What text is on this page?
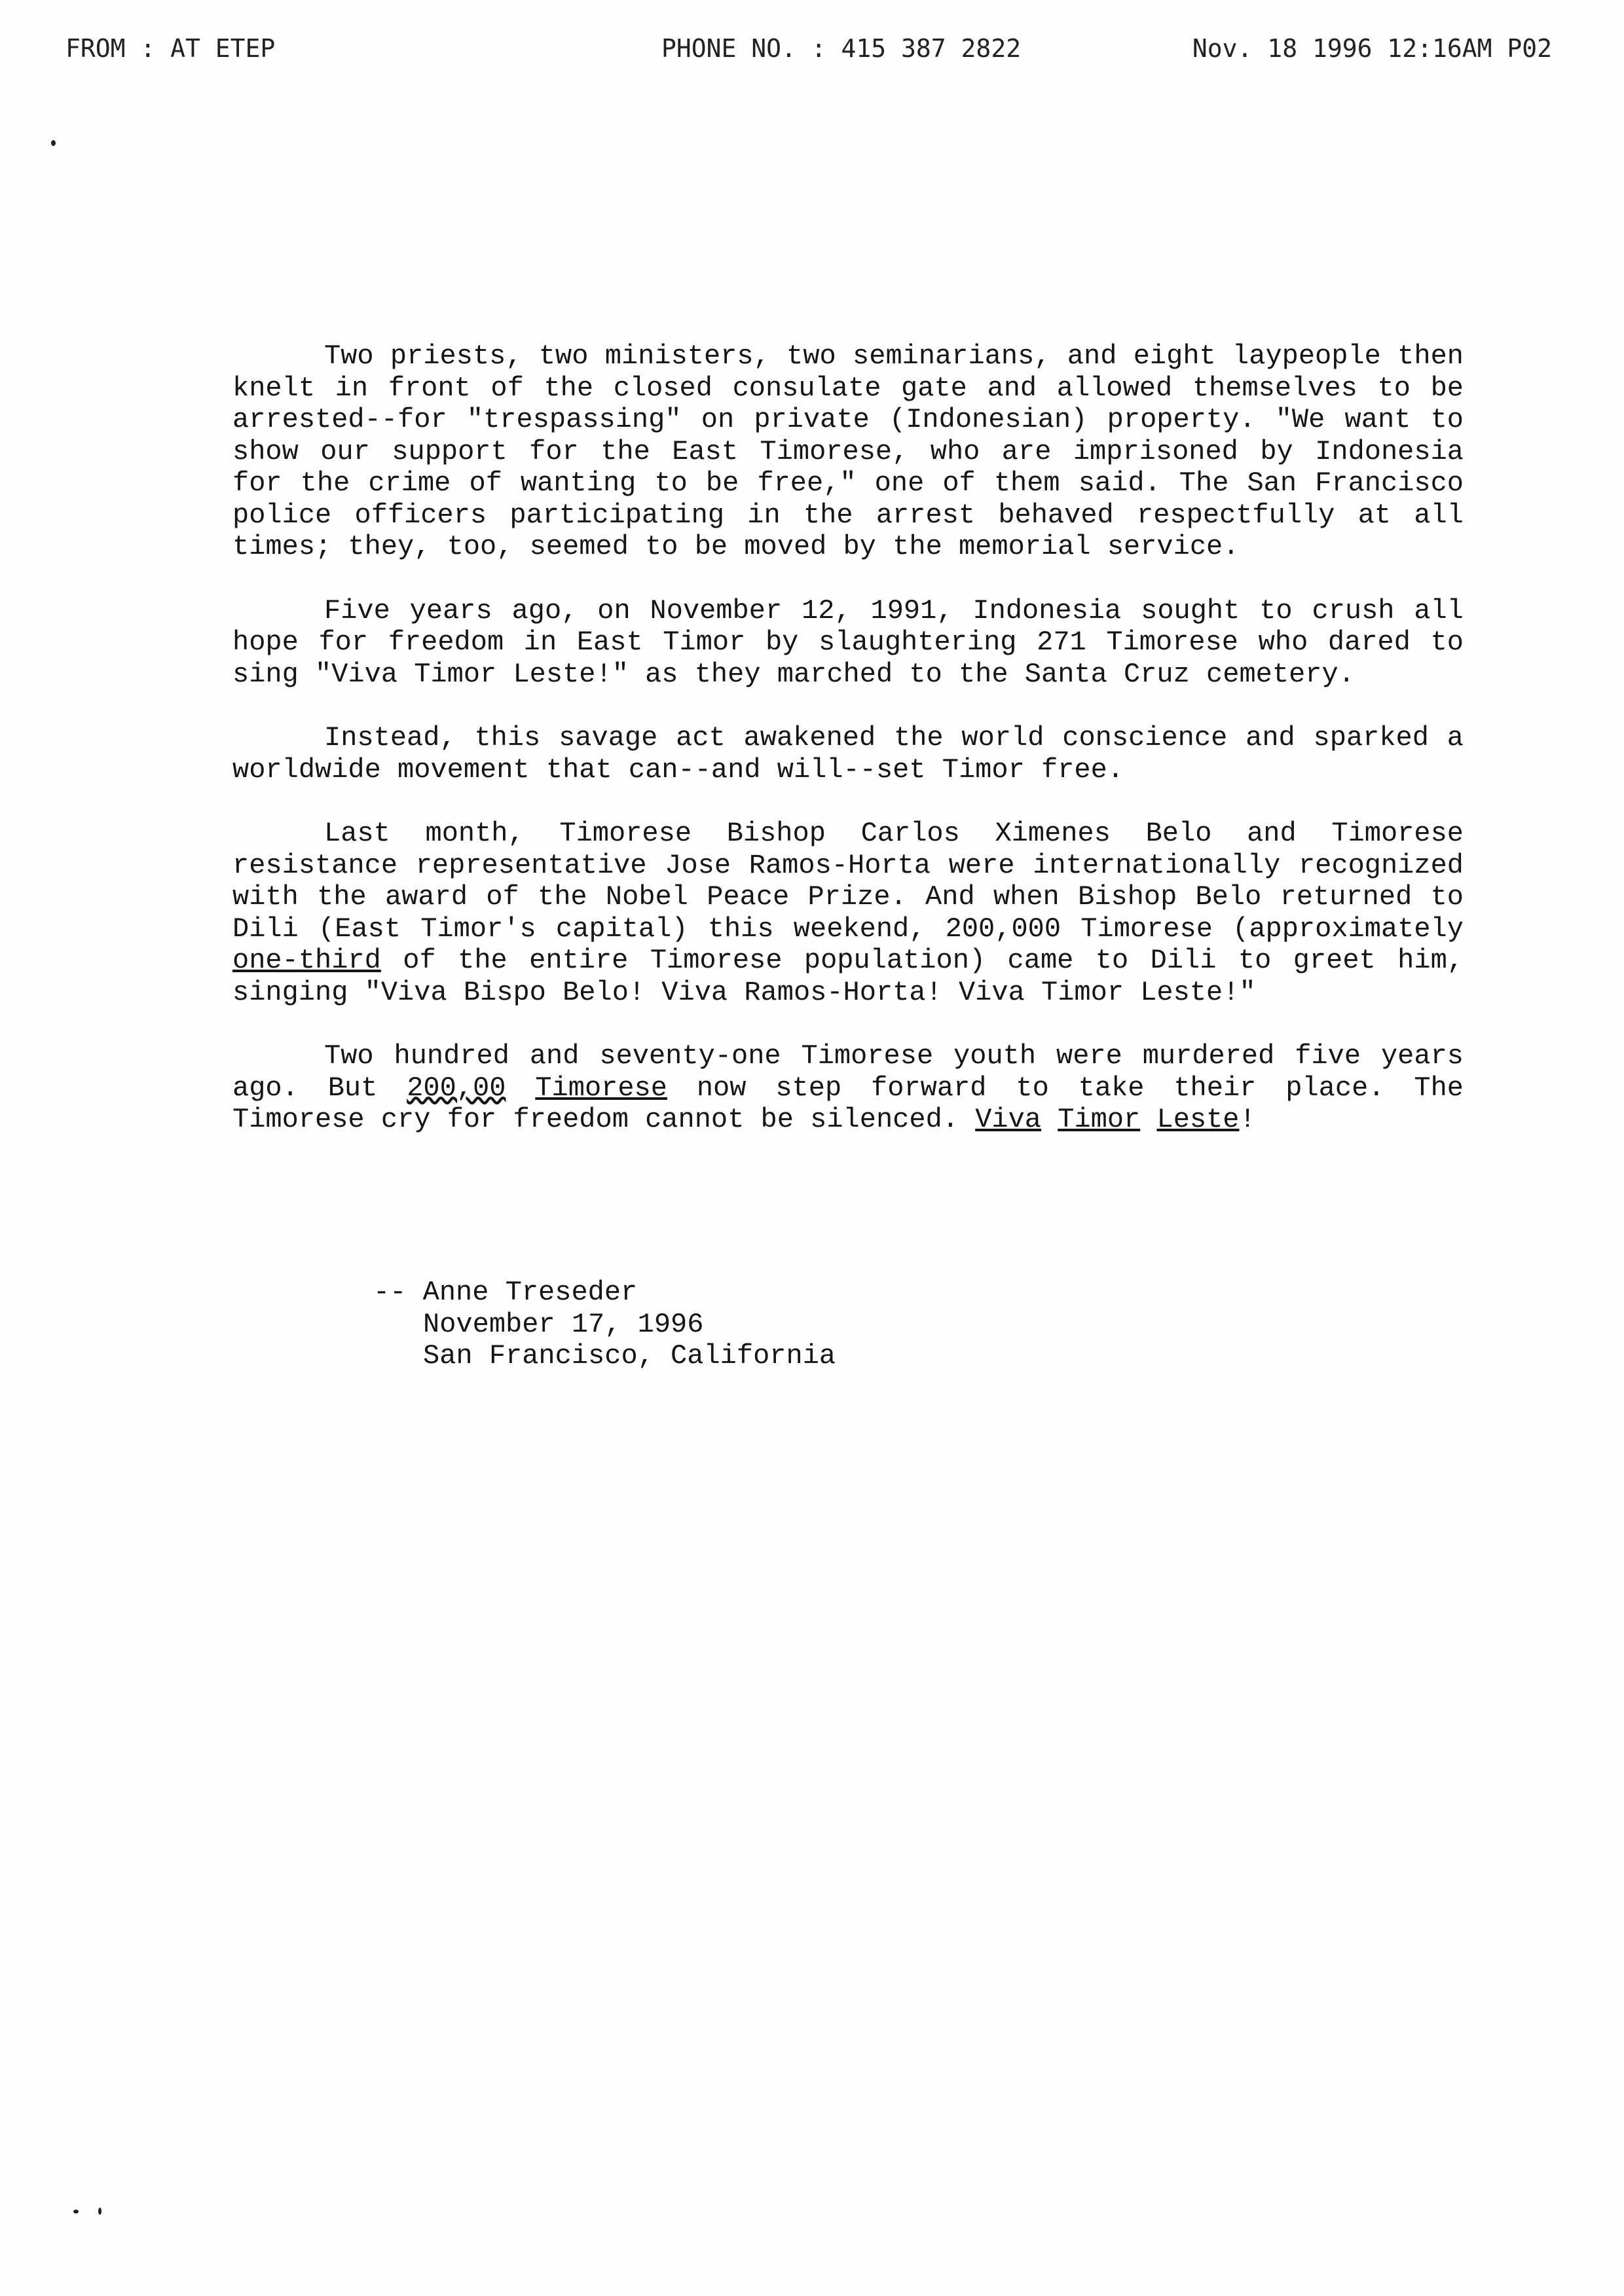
FROM : AT ETEP	PHONE NO. : 415 387 2822	Nov. 18 1996 12:16AM P02

Two priests, two ministers, two seminarians, and eight laypeople then knelt in front of the closed consulate gate and allowed themselves to be arrested--for "trespassing" on private (Indonesian) property. "We want to show our support for the East Timorese, who are imprisoned by Indonesia for the crime of wanting to be free," one of them said. The San Francisco police officers participating in the arrest behaved respectfully at all times; they, too, seemed to be moved by the memorial service.

Five years ago, on November 12, 1991, Indonesia sought to crush all hope for freedom in East Timor by slaughtering 271 Timorese who dared to sing "Viva Timor Leste!" as they marched to the Santa Cruz cemetery.

Instead, this savage act awakened the world conscience and sparked a worldwide movement that can--and will--set Timor free.

Last month, Timorese Bishop Carlos Ximenes Belo and Timorese resistance representative Jose Ramos-Horta were internationally recognized with the award of the Nobel Peace Prize. And when Bishop Belo returned to Dili (East Timor's capital) this weekend, 200,000 Timorese (approximately one-third of the entire Timorese population) came to Dili to greet him, singing "Viva Bispo Belo! Viva Ramos-Horta! Viva Timor Leste!"

Two hundred and seventy-one Timorese youth were murdered five years ago. But 200,00 Timorese now step forward to take their place. The Timorese cry for freedom cannot be silenced. Viva Timor Leste!

-- Anne Treseder
November 17, 1996
San Francisco, California
